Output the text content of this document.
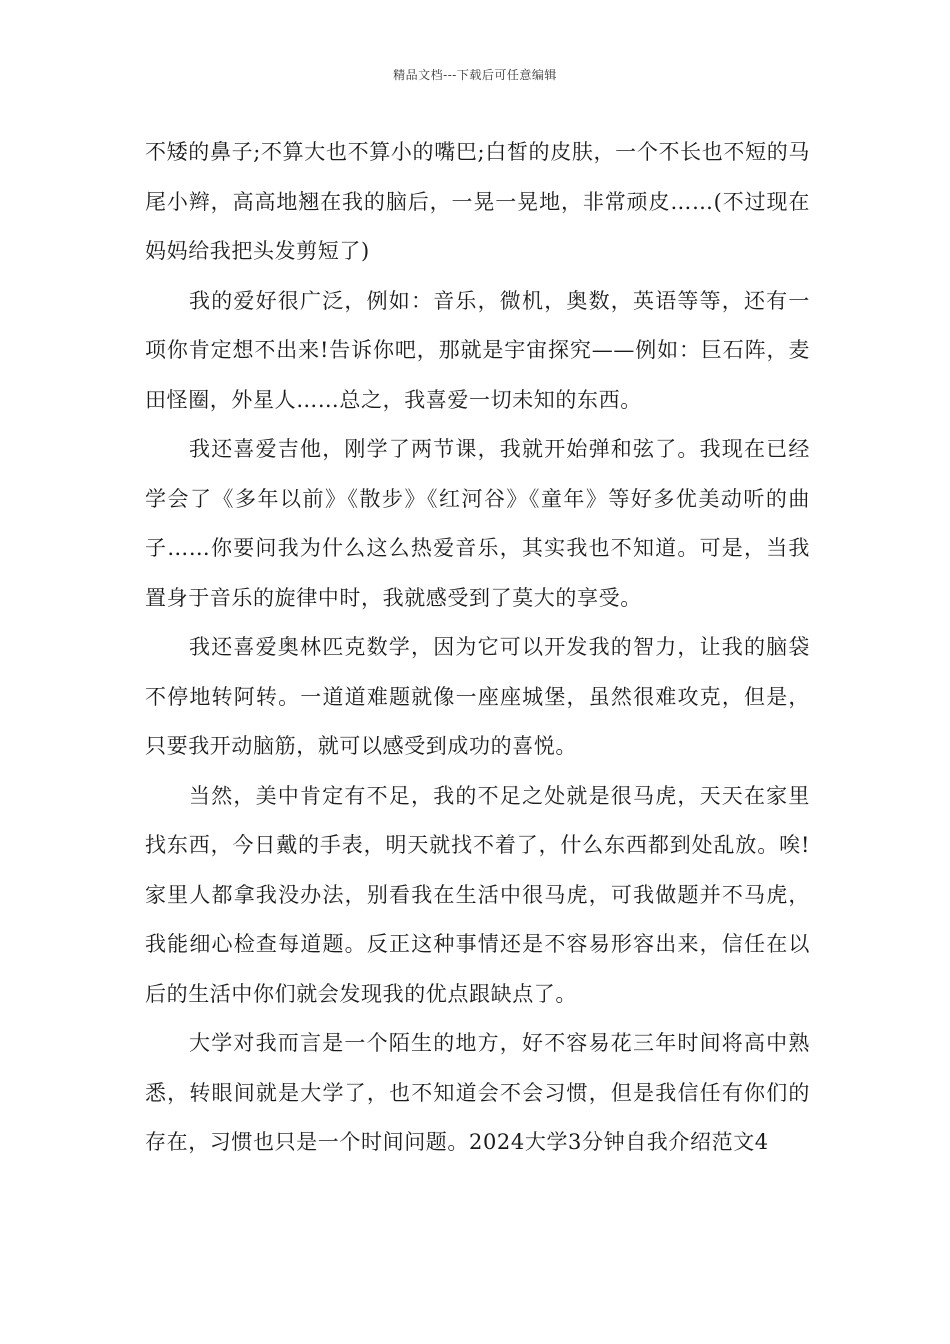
精品文档---下载后可任意编辑

不矮的鼻子;不算大也不算小的嘴巴;白皙的皮肤，一个不长也不短的马尾小辫，高高地翘在我的脑后，一晃一晃地，非常顽皮……(不过现在妈妈给我把头发剪短了)

我的爱好很广泛，例如：音乐，微机，奥数，英语等等，还有一项你肯定想不出来!告诉你吧，那就是宇宙探究——例如：巨石阵，麦田怪圈，外星人……总之，我喜爱一切未知的东西。

我还喜爱吉他，刚学了两节课，我就开始弹和弦了。我现在已经学会了《多年以前》《散步》《红河谷》《童年》等好多优美动听的曲子……你要问我为什么这么热爱音乐，其实我也不知道。可是，当我置身于音乐的旋律中时，我就感受到了莫大的享受。

我还喜爱奥林匹克数学，因为它可以开发我的智力，让我的脑袋不停地转阿转。一道道难题就像一座座城堡，虽然很难攻克，但是，只要我开动脑筋，就可以感受到成功的喜悦。

当然，美中肯定有不足，我的不足之处就是很马虎，天天在家里找东西，今日戴的手表，明天就找不着了，什么东西都到处乱放。唉!家里人都拿我没办法，别看我在生活中很马虎，可我做题并不马虎，我能细心检查每道题。反正这种事情还是不容易形容出来，信任在以后的生活中你们就会发现我的优点跟缺点了。

大学对我而言是一个陌生的地方，好不容易花三年时间将高中熟悉，转眼间就是大学了，也不知道会不会习惯，但是我信任有你们的存在，习惯也只是一个时间问题。2024大学3分钟自我介绍范文4
